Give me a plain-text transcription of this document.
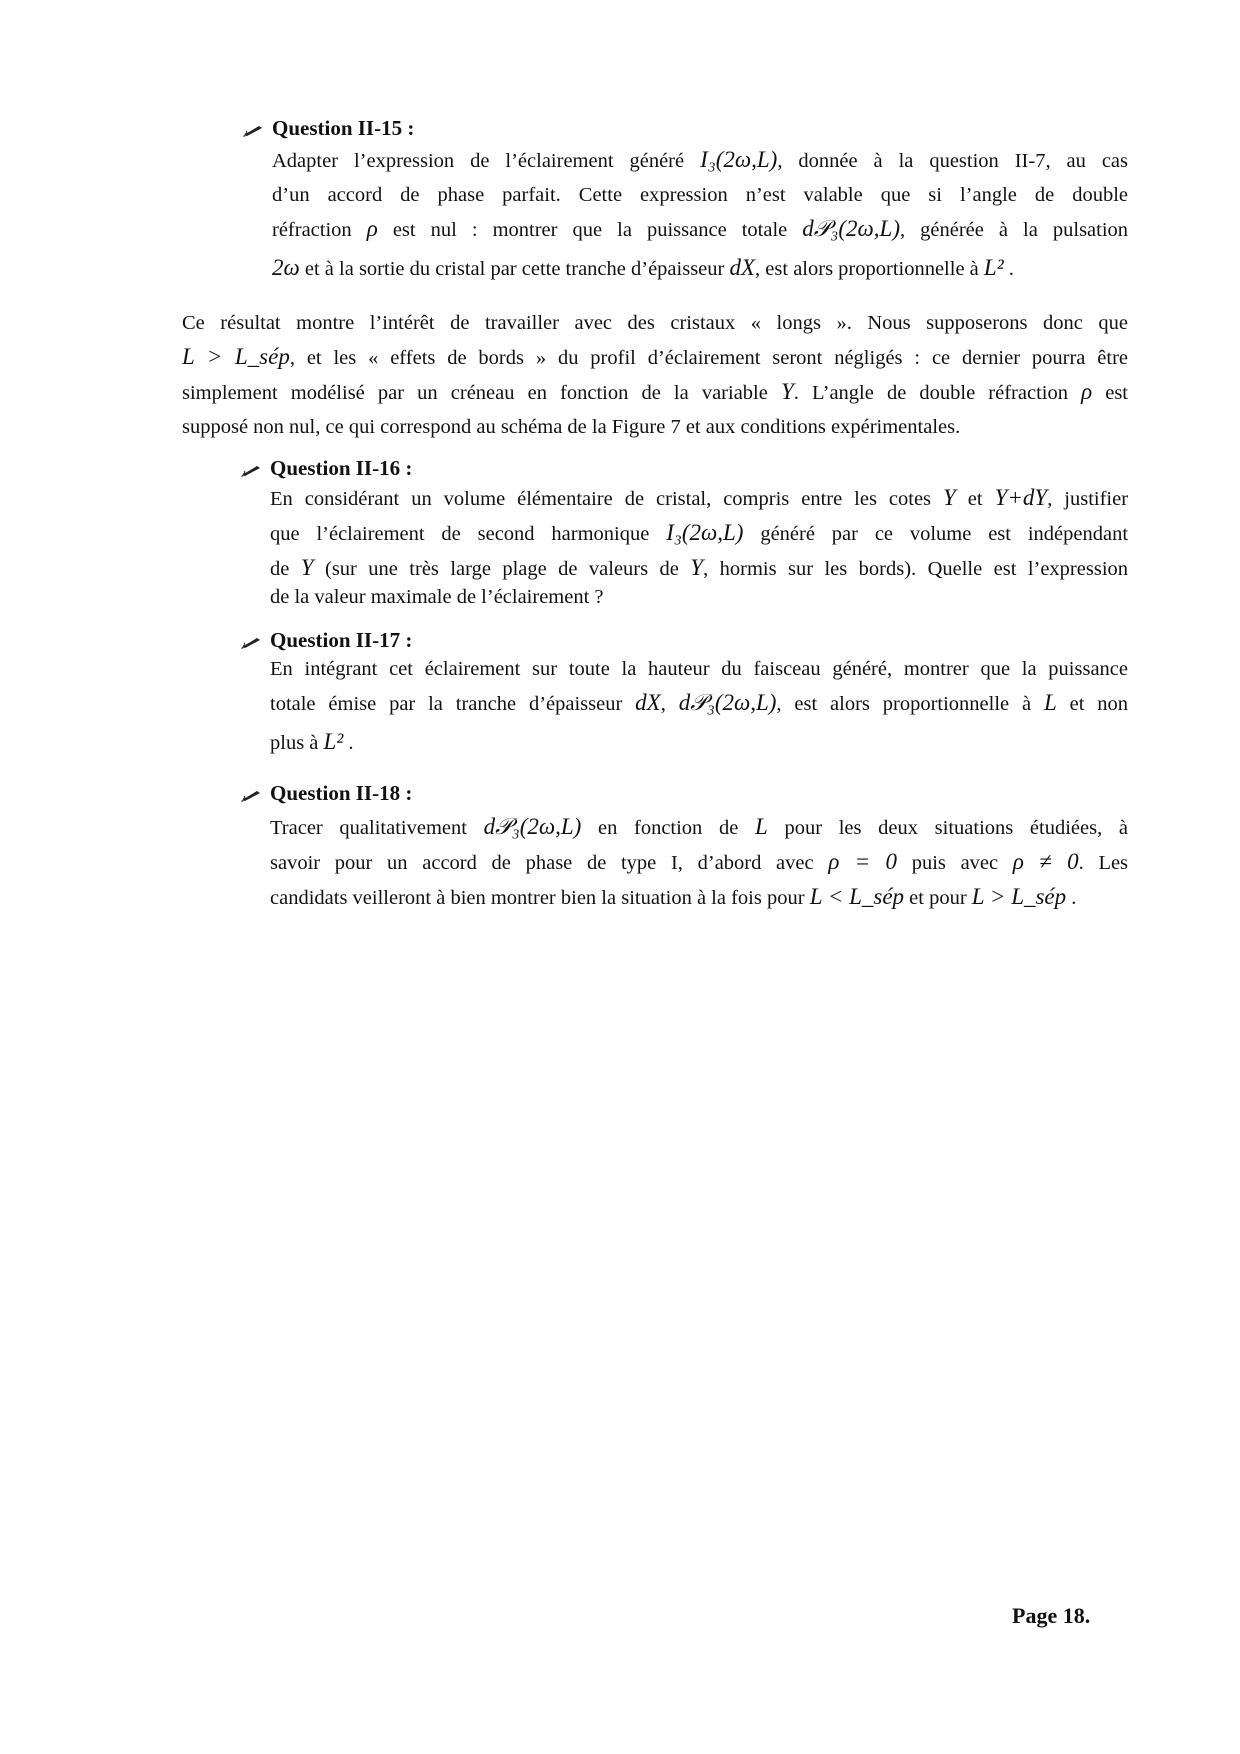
Question II-15 :
Adapter l’expression de l’éclairement généré I₃(2ω,L), donnée à la question II-7, au cas
d’un accord de phase parfait. Cette expression n’est valable que si l’angle de double
réfraction ρ est nul : montrer que la puissance totale d𝒫₃(2ω,L), générée à la pulsation
2ω et à la sortie du cristal par cette tranche d’épaisseur dX, est alors proportionnelle à L² .
Ce résultat montre l’intérêt de travailler avec des cristaux « longs ». Nous supposerons donc que
L > L_sép, et les « effets de bords » du profil d’éclairement seront négligés : ce dernier pourra être
simplement modélisé par un créneau en fonction de la variable Y. L’angle de double réfraction ρ est
supposé non nul, ce qui correspond au schéma de la Figure 7 et aux conditions expérimentales.
Question II-16 :
En considérant un volume élémentaire de cristal, compris entre les cotes Y et Y+dY, justifier
que l’éclairement de second harmonique I₃(2ω,L) généré par ce volume est indépendant
de Y (sur une très large plage de valeurs de Y, hormis sur les bords). Quelle est l’expression
de la valeur maximale de l’éclairement ?
Question II-17 :
En intégrant cet éclairement sur toute la hauteur du faisceau généré, montrer que la puissance
totale émise par la tranche d’épaisseur dX, d𝒫₃(2ω,L), est alors proportionnelle à L et non
plus à L² .
Question II-18 :
Tracer qualitativement d𝒫₃(2ω,L) en fonction de L pour les deux situations étudiées, à
savoir pour un accord de phase de type I, d’abord avec ρ = 0 puis avec ρ ≠ 0. Les
candidats veilleront à bien montrer bien la situation à la fois pour L < L_sép et pour L > L_sép .
Page 18.
